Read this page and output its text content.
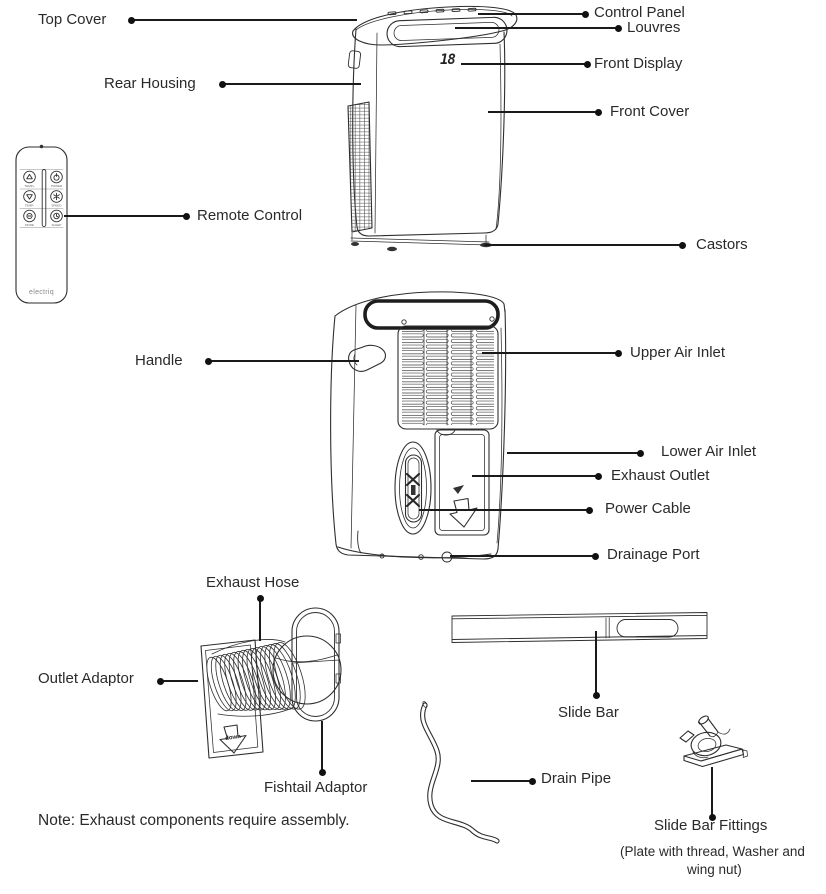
18
TEMP+	POWER
TEMP-	SPEED
MODE	SLEEP
electriq
down
Top Cover
Rear Housing
Remote Control
Control Panel
Louvres
Front Display
Front Cover
Castors
Handle	Upper Air Inlet
Lower Air Inlet
Exhaust Outlet
Power Cable
Drainage Port
Exhaust Hose
Outlet Adaptor
Fishtail Adaptor
Slide Bar
Drain Pipe
Slide Bar Fittings
(Plate with thread, Washer and
wing nut)
Note: Exhaust components require assembly.
